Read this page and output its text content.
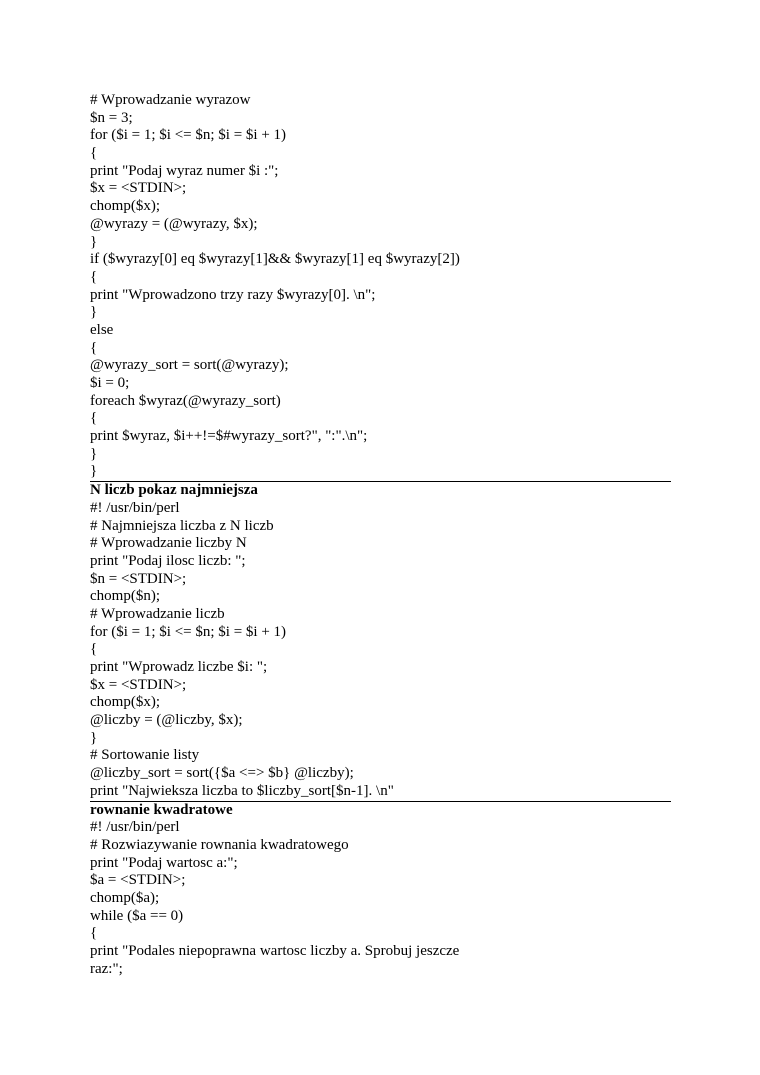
# Wprowadzanie wyrazow
$n = 3;
for ($i = 1; $i <= $n; $i = $i + 1)
{
print "Podaj wyraz numer $i :";
$x = <STDIN>;
chomp($x);
@wyrazy = (@wyrazy, $x);
}
if ($wyrazy[0] eq $wyrazy[1]&& $wyrazy[1] eq $wyrazy[2])
{
print "Wprowadzono trzy razy $wyrazy[0]. \n";
}
else
{
@wyrazy_sort = sort(@wyrazy);
$i = 0;
foreach $wyraz(@wyrazy_sort)
{
print $wyraz, $i++!=$#wyrazy_sort?", ":".\n";
}
}
N liczb pokaz najmniejsza
#! /usr/bin/perl
# Najmniejsza liczba z N liczb
# Wprowadzanie liczby N
print "Podaj ilosc liczb: ";
$n = <STDIN>;
chomp($n);
# Wprowadzanie liczb
for ($i = 1; $i <= $n; $i = $i + 1)
{
print "Wprowadz liczbe $i: ";
$x = <STDIN>;
chomp($x);
@liczby = (@liczby, $x);
}
# Sortowanie listy
@liczby_sort = sort({$a <=> $b} @liczby);
print "Najwieksza liczba to $liczby_sort[$n-1]. \n"
rownanie kwadratowe
#! /usr/bin/perl
# Rozwiazywanie rownania kwadratowego
print "Podaj wartosc a:";
$a = <STDIN>;
chomp($a);
while ($a == 0)
{
print "Podales niepoprawna wartosc liczby a. Sprobuj jeszcze
raz:";
